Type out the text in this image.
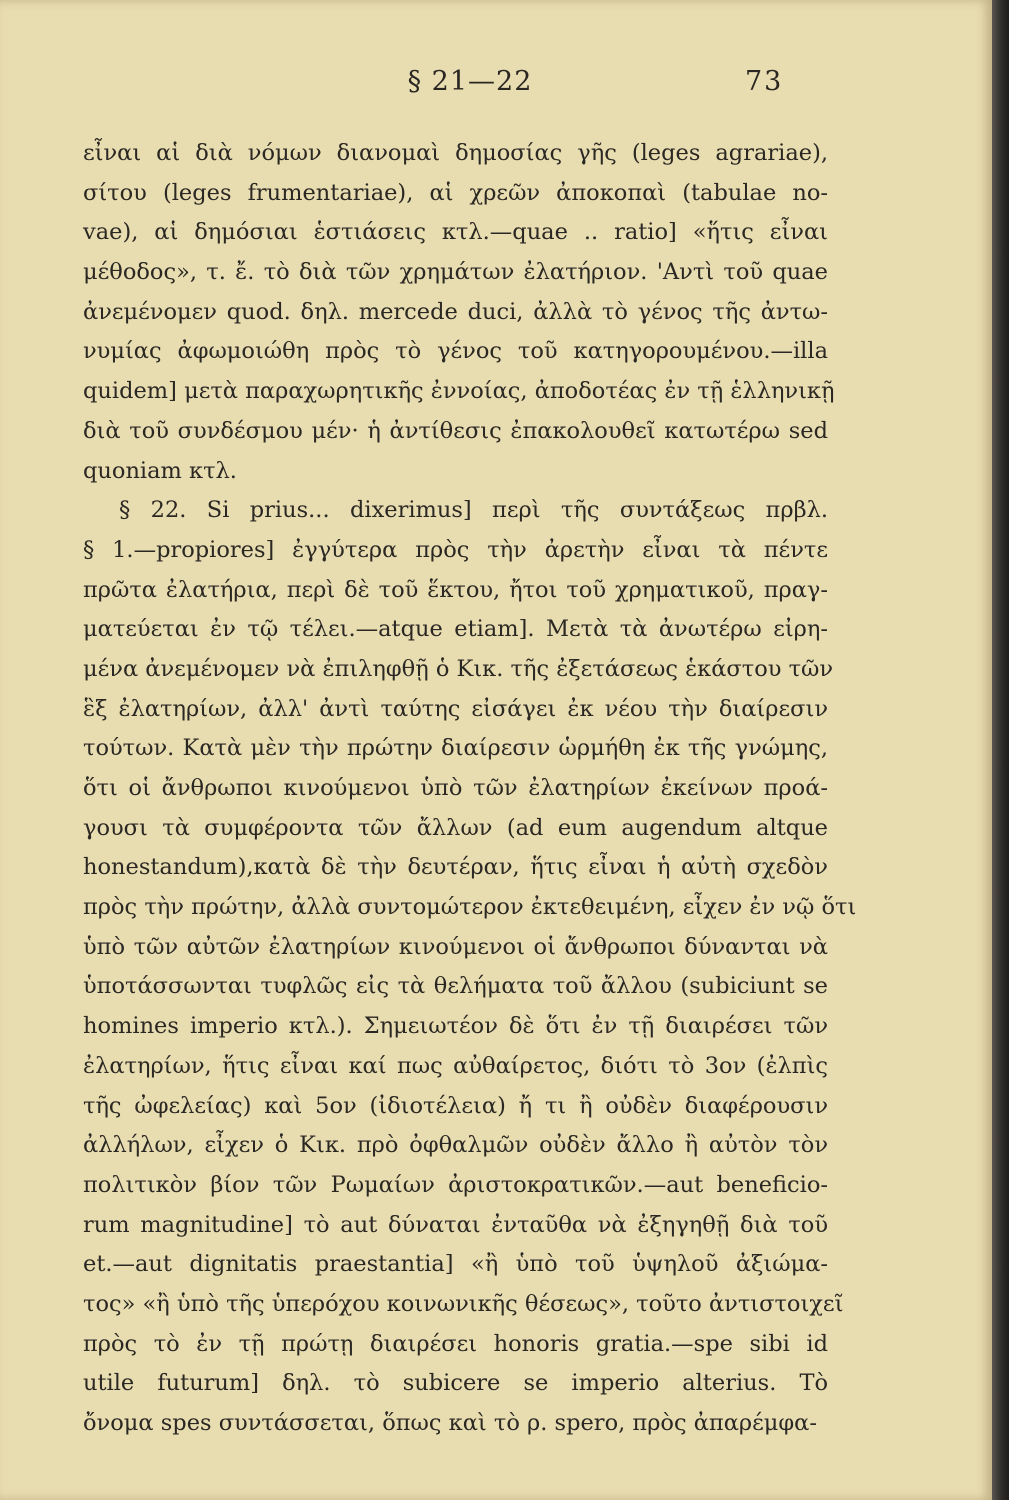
§ 21—22	73
εἶναι αἱ διὰ νόμων διανομαὶ δημοσίας γῆς (leges agrariae),
σίτου (leges frumentariae), αἱ χρεῶν ἀποκοπαὶ (tabulae no-
vae), αἱ δημόσιαι ἑστιάσεις κτλ.—quae .. ratio] «ἥτις εἶναι
μέθοδος», τ. ἔ. τὸ διὰ τῶν χρημάτων ἐλατήριον. 'Αντὶ τοῦ quae
ἀνεμένομεν quod. δηλ. mercede duci, ἀλλὰ τὸ γένος τῆς ἀντω-
νυμίας ἀφωμοιώθη πρὸς τὸ γένος τοῦ κατηγορουμένου.—illa
quidem] μετὰ παραχωρητικῆς ἐννοίας, ἀποδοτέας ἐν τῇ ἑλληνικῇ
διὰ τοῦ συνδέσμου μέν· ἡ ἀντίθεσις ἐπακολουθεῖ κατωτέρω sed
quoniam κτλ.
§ 22. Si prius... dixerimus] περὶ τῆς συντάξεως πρβλ.
§ 1.—propiores] ἐγγύτερα πρὸς τὴν ἀρετὴν εἶναι τὰ πέντε
πρῶτα ἐλατήρια, περὶ δὲ τοῦ ἕκτου, ἤτοι τοῦ χρηματικοῦ, πραγ-
ματεύεται ἐν τῷ τέλει.—atque etiam]. Μετὰ τὰ ἀνωτέρω εἰρη-
μένα ἀνεμένομεν νὰ ἐπιληφθῇ ὁ Κικ. τῆς ἐξετάσεως ἑκάστου τῶν
ἓξ ἐλατηρίων, ἀλλ' ἀντὶ ταύτης εἰσάγει ἐκ νέου τὴν διαίρεσιν
τούτων. Κατὰ μὲν τὴν πρώτην διαίρεσιν ὡρμήθη ἐκ τῆς γνώμης,
ὅτι οἱ ἄνθρωποι κινούμενοι ὑπὸ τῶν ἐλατηρίων ἐκείνων προά-
γουσι τὰ συμφέροντα τῶν ἄλλων (ad eum augendum altque
honestandum),κατὰ δὲ τὴν δευτέραν, ἥτις εἶναι ἡ αὐτὴ σχεδὸν
πρὸς τὴν πρώτην, ἀλλὰ συντομώτερον ἐκτεθειμένη, εἶχεν ἐν νῷ ὅτι
ὑπὸ τῶν αὐτῶν ἐλατηρίων κινούμενοι οἱ ἄνθρωποι δύνανται νὰ
ὑποτάσσωνται τυφλῶς εἰς τὰ θελήματα τοῦ ἄλλου (subiciunt se
homines imperio κτλ.). Σημειωτέον δὲ ὅτι ἐν τῇ διαιρέσει τῶν
ἐλατηρίων, ἥτις εἶναι καί πως αὐθαίρετος, διότι τὸ 3ον (ἐλπὶς
τῆς ὠφελείας) καὶ 5ον (ἰδιοτέλεια) ἤ τι ἢ οὐδὲν διαφέρουσιν
ἀλλήλων, εἶχεν ὁ Κικ. πρὸ ὀφθαλμῶν οὐδὲν ἄλλο ἢ αὐτὸν τὸν
πολιτικὸν βίον τῶν Ρωμαίων ἀριστοκρατικῶν.—aut beneficio-
rum magnitudine] τὸ aut δύναται ἐνταῦθα νὰ ἐξηγηθῇ διὰ τοῦ
et.—aut dignitatis praestantia] «ἢ ὑπὸ τοῦ ὑψηλοῦ ἀξιώμα-
τος» «ἢ ὑπὸ τῆς ὑπερόχου κοινωνικῆς θέσεως», τοῦτο ἀντιστοιχεῖ
πρὸς τὸ ἐν τῇ πρώτῃ διαιρέσει honoris gratia.—spe sibi id
utile futurum] δηλ. τὸ subicere se imperio alterius. Τὸ
ὄνομα spes συντάσσεται, ὅπως καὶ τὸ ρ. spero, πρὸς ἀπαρέμφα-
